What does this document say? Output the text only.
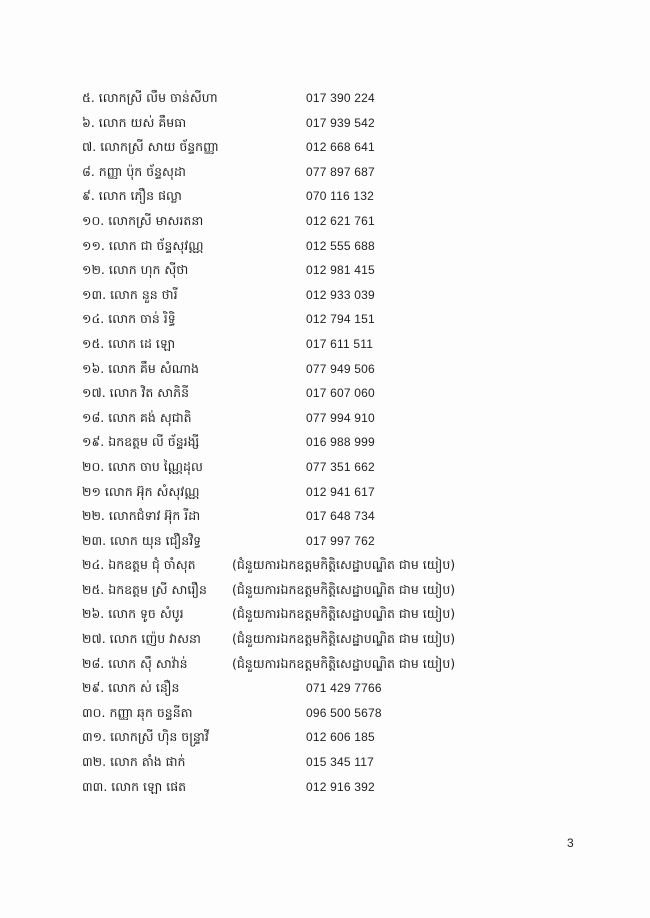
៥. លោកស្រី លឹម ចាន់សីហា	017 390 224
៦. លោក យស់ គឹមធា	017 939 542
៧. លោកស្រី សាយ ច័ន្ទកញ្ញា	012 668 641
៨. កញ្ញា ប៉ុក ច័ន្ទសុដា	077 897 687
៩. លោក ភឿន ផល្លា	070 116 132
១០. លោកស្រី មាសរតនា	012 621 761
១១. លោក ជា ច័ន្ទសុវណ្ណ	012 555 688
១២. លោក ហុក ស៊ីថា	012 981 415
១៣. លោក នួន ថារី	012 933 039
១៤. លោក ចាន់ រិទ្ធិ	012 794 151
១៥. លោក ដេ ឡោ	017 611 511
១៦. លោក គឹម សំណាង	077 949 506
១៧. លោក វិត សាភិនី	017 607 060
១៨. លោក គង់ សុជាតិ	077 994 910
១៩. ឯកឧត្តម លី ច័ន្ទរង្សី	016 988 999
២០. លោក ចាប ណ្ណៃដុល	077 351 662
២១ លោក អ៊ុក សំសុវណ្ណ	012 941 617
២២. លោកជំទាវ អ៊ុក រីដា	017 648 734
២៣. លោក យុន ជឿនវិទ្ធ	017 997 762
២៤. ឯកឧត្តម ជុំ ចាំសុត	(ជំនួយការឯកឧត្តមកិត្តិសេដ្ឋាបណ្ឌិត ជាម យៀប)
២៥. ឯកឧត្តម ស្រី សារឿន (ជំនួយការឯកឧត្តមកិត្តិសេដ្ឋាបណ្ឌិត ជាម យៀប)
២៦. លោក ទូច សំបូរ	(ជំនួយការឯកឧត្តមកិត្តិសេដ្ឋាបណ្ឌិត ជាម យៀប)
២៧. លោក ញ៉េប វាសនា (ជំនួយការឯកឧត្តមកិត្តិសេដ្ឋាបណ្ឌិត ជាម យៀប)
២៨. លោក ស៊ឹ សាវ៉ាន់	(ជំនួយការឯកឧត្តមកិត្តិសេដ្ឋាបណ្ឌិត ជាម យៀប)
២៩. លោក ស់ នឿន	071 429 7766
៣០. កញ្ញា ឆុក ចន្ទនីតា	096 500 5678
៣១. លោកស្រី ហ៊ិន ចន្ទ្រាវី	012 606 185
៣២. លោក តាំង ផាក់	015 345 117
៣៣. លោក ឡេា ផេត	012 916 392
3
